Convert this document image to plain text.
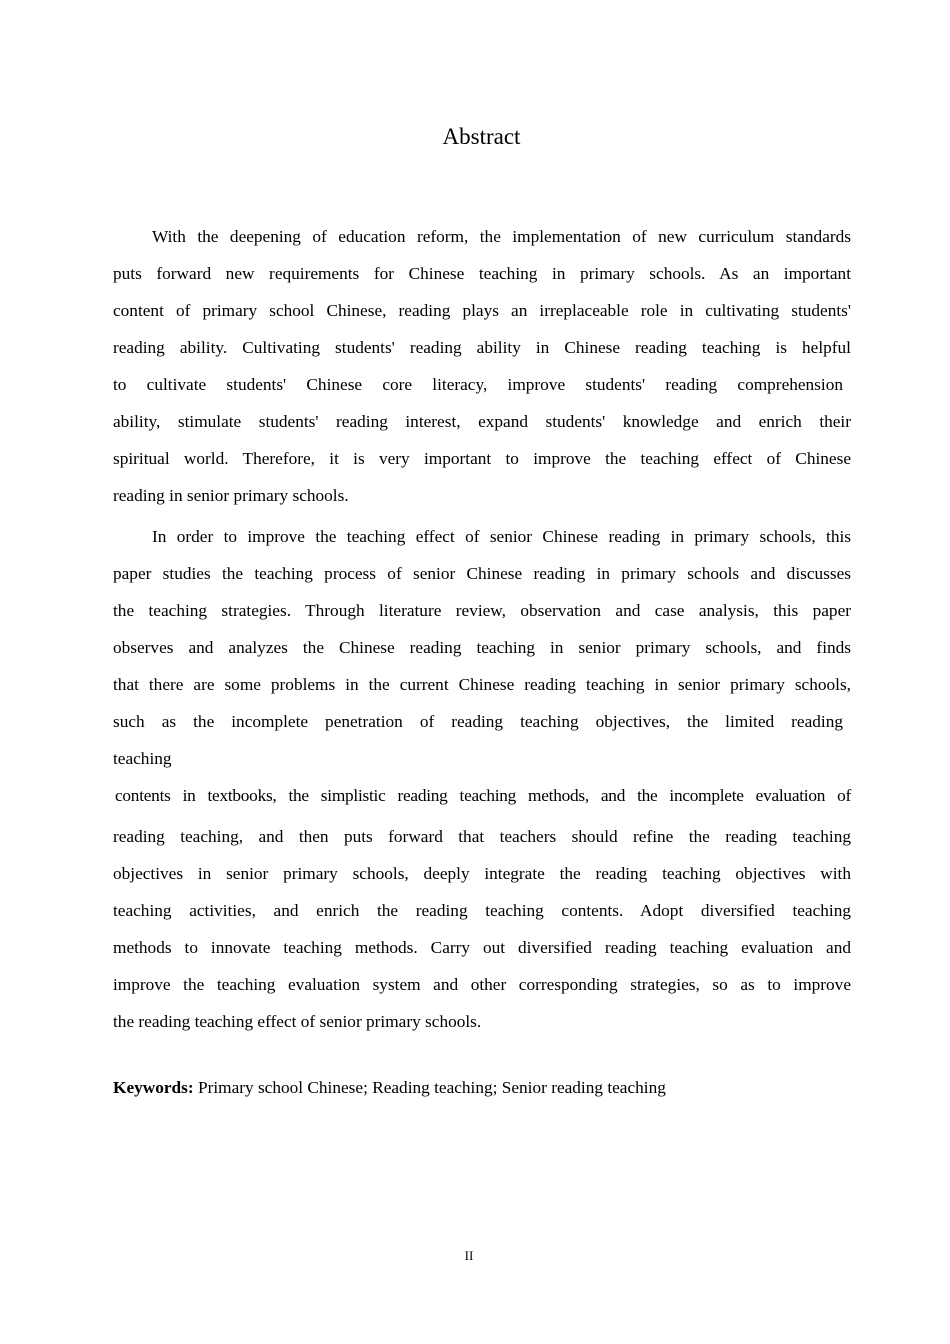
Abstract
With the deepening of education reform, the implementation of new curriculum standards
puts forward new requirements for Chinese teaching in primary schools. As an important
content of primary school Chinese, reading plays an irreplaceable role in cultivating students'
reading ability. Cultivating students' reading ability in Chinese reading teaching is helpful
to cultivate students' Chinese core literacy, improve students' reading comprehension
ability, stimulate students' reading interest, expand students' knowledge and enrich their
spiritual world. Therefore, it is very important to improve the teaching effect of Chinese
reading in senior primary schools.
In order to improve the teaching effect of senior Chinese reading in primary schools, this
paper studies the teaching process of senior Chinese reading in primary schools and discusses
the teaching strategies. Through literature review, observation and case analysis, this paper
observes and analyzes the Chinese reading teaching in senior primary schools, and finds
that there are some problems in the current Chinese reading teaching in senior primary schools,
such as the incomplete penetration of reading teaching objectives, the limited reading
teaching
contents in textbooks, the simplistic reading teaching methods, and the incomplete evaluation of
reading teaching, and then puts forward that teachers should refine the reading teaching
objectives in senior primary schools, deeply integrate the reading teaching objectives with
teaching activities, and enrich the reading teaching contents. Adopt diversified teaching
methods to innovate teaching methods. Carry out diversified reading teaching evaluation and
improve the teaching evaluation system and other corresponding strategies, so as to improve
the reading teaching effect of senior primary schools.
Keywords: Primary school Chinese; Reading teaching; Senior reading teaching
II
